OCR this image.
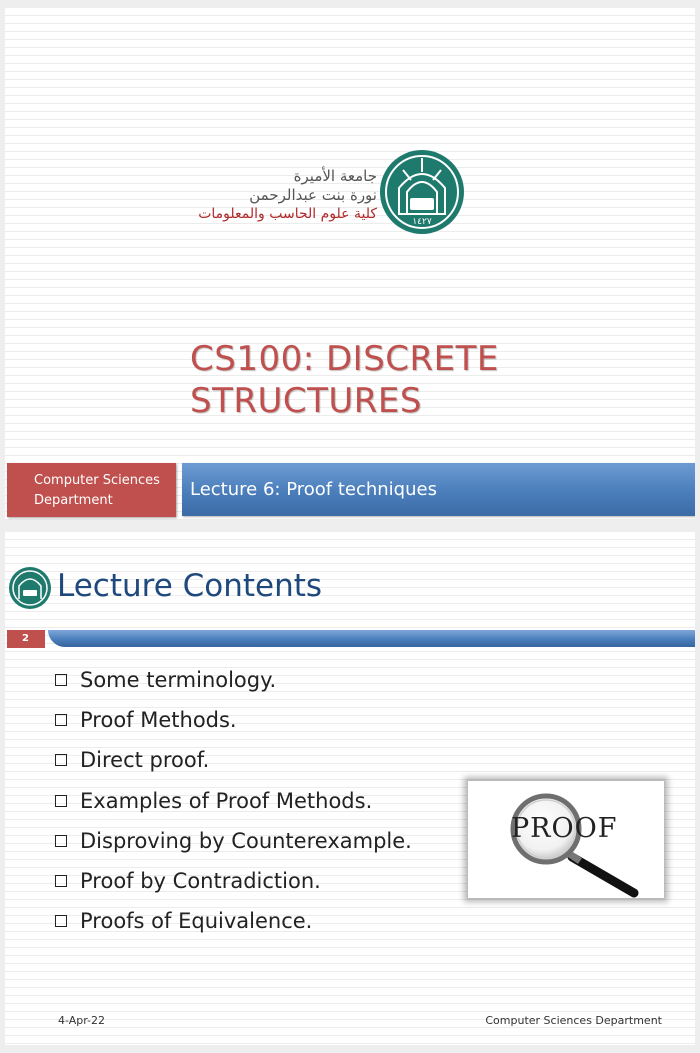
١٤٢٧
جامعة الأميرة
نورة بنت عبدالرحمن
كلية علوم الحاسب والمعلومات
CS100: DISCRETE
STRUCTURES
Computer Sciences
Department
Lecture 6: Proof techniques
Lecture Contents
2
Some terminology.
Proof Methods.
Direct proof.
Examples of Proof Methods.
Disproving by Counterexample.
Proof by Contradiction.
Proofs of Equivalence.
PROOF
4-Apr-22	Computer Sciences Department
